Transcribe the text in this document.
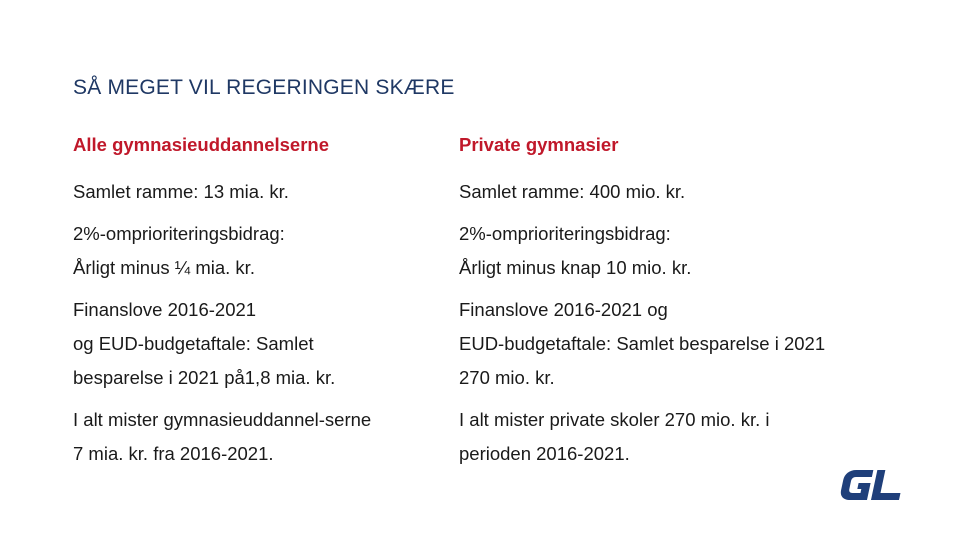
SÅ MEGET VIL REGERINGEN SKÆRE
Alle gymnasieuddannelserne
Samlet ramme: 13 mia. kr.
2%-omprioriteringsbidrag:
Årligt minus ¼ mia. kr.
Finanslove 2016-2021
og EUD-budgetaftale: Samlet
besparelse i 2021 på1,8 mia. kr.
I alt mister gymnasieuddannel-serne
7 mia. kr. fra 2016-2021.
Private gymnasier
Samlet ramme: 400 mio. kr.
2%-omprioriteringsbidrag:
Årligt minus knap 10 mio. kr.
Finanslove 2016-2021 og
EUD-budgetaftale: Samlet besparelse i 2021
270 mio. kr.
I alt mister private skoler 270 mio. kr. i
perioden 2016-2021.
